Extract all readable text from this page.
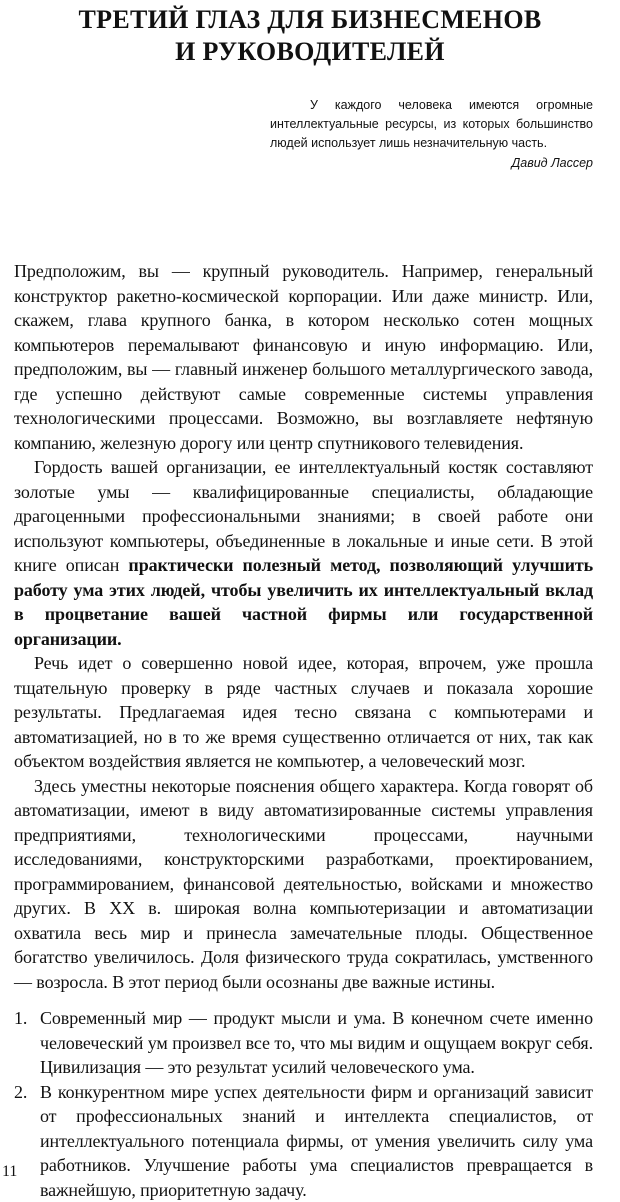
ТРЕТИЙ ГЛАЗ ДЛЯ БИЗНЕСМЕНОВ
И РУКОВОДИТЕЛЕЙ

У каждого человека имеются огромные интеллектуальные ресурсы, из которых большинство людей использует лишь незначительную часть.

Давид Лассер

Предположим, вы — крупный руководитель. Например, генеральный конструктор ракетно-космической корпорации. Или даже министр. Или, скажем, глава крупного банка, в котором несколько сотен мощных компьютеров перемалывают финансовую и иную информацию. Или, предположим, вы — главный инженер большого металлургического завода, где успешно действуют самые современные системы управления технологическими процессами. Возможно, вы возглавляете нефтяную компанию, железную дорогу или центр спутникового телевидения.

Гордость вашей организации, ее интеллектуальный костяк составляют золотые умы — квалифицированные специалисты, обладающие драгоценными профессиональными знаниями; в своей работе они используют компьютеры, объединенные в локальные и иные сети. В этой книге описан практически полезный метод, позволяющий улучшить работу ума этих людей, чтобы увеличить их интеллектуальный вклад в процветание вашей частной фирмы или государственной организации.

Речь идет о совершенно новой идее, которая, впрочем, уже прошла тщательную проверку в ряде частных случаев и показала хорошие результаты. Предлагаемая идея тесно связана с компьютерами и автоматизацией, но в то же время существенно отличается от них, так как объектом воздействия является не компьютер, а человеческий мозг.

Здесь уместны некоторые пояснения общего характера. Когда говорят об автоматизации, имеют в виду автоматизированные системы управления предприятиями, технологическими процессами, научными исследованиями, конструкторскими разработками, проектированием, программированием, финансовой деятельностью, войсками и множество других. В XX в. широкая волна компьютеризации и автоматизации охватила весь мир и принесла замечательные плоды. Общественное богатство увеличилось. Доля физического труда сократилась, умственного — возросла. В этот период были осознаны две важные истины.

1. Современный мир — продукт мысли и ума. В конечном счете именно человеческий ум произвел все то, что мы видим и ощущаем вокруг себя. Цивилизация — это результат усилий человеческого ума.
2. В конкурентном мире успех деятельности фирм и организаций зависит от профессиональных знаний и интеллекта специалистов, от интеллектуального потенциала фирмы, от умения увеличить силу ума работников. Улучшение работы ума специалистов превращается в важнейшую, приоритетную задачу.
11
